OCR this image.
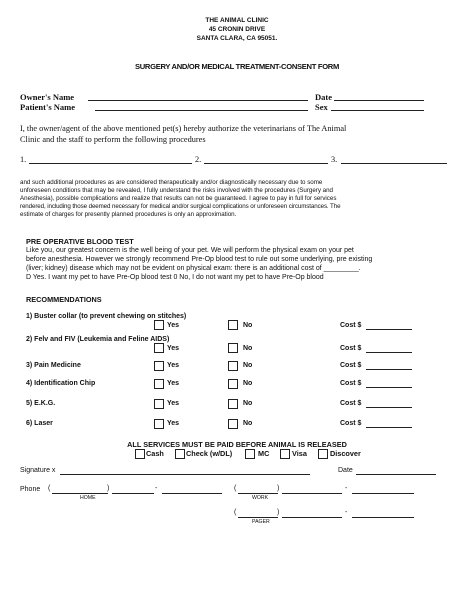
THE ANIMAL CLINIC
45 CRONIN DRIVE
SANTA CLARA, CA 95051.
SURGERY AND/OR MEDICAL TREATMENT-CONSENT FORM
Owner's Name	Date
Patient's Name	Sex
I, the owner/agent of the above mentioned pet(s) hereby authorize the veterinarians of The Animal
Clinic and the staff to perform the following procedures
1.	2.	3.
and such additional procedures as are considered therapeutically and/or diagnostically necessary due to some
unforeseen conditions that may be revealed, I fully understand the risks involved with the procedures (Surgery and
Anesthesia), possible complications and realize that results can not be guaranteed. I agree to pay in full for services
rendered, including those deemed necessary for medical and/or surgical complications or unforeseen circumstances. The
estimate of charges for presently planned procedures is only an approximation.
PRE OPERATIVE BLOOD TEST
Like you, our greatest concern is the well being of your pet. We will perform the physical exam on your pet
before anesthesia. However we strongly recommend Pre-Op blood test to rule out some underlying, pre existing
(liver; kidney) disease which may not be evident on physical exam: there is an additional cost of _________.
D Yes. I want my pet to have Pre-Op blood test 0 No, I do not want my pet to have Pre-Op blood
RECOMMENDATIONS
1) Buster collar (to prevent chewing on stitches)
Yes	No	Cost $
2) Felv and FIV (Leukemia and Feline AIDS)
Yes	No	Cost $
3) Pain Medicine	Yes	No	Cost $
4) Identification Chip	Yes	No	Cost $
5) E.K.G.	Yes	No	Cost $
6) Laser	Yes	No	Cost $
ALL SERVICES MUST BE PAID BEFORE ANIMAL IS RELEASED
Cash	Check (w/DL)	MC	Visa	Discover
Signature x	Date
Phone (	)	-
HOME
(	)	-
WORK
(	)	-
PAGER
